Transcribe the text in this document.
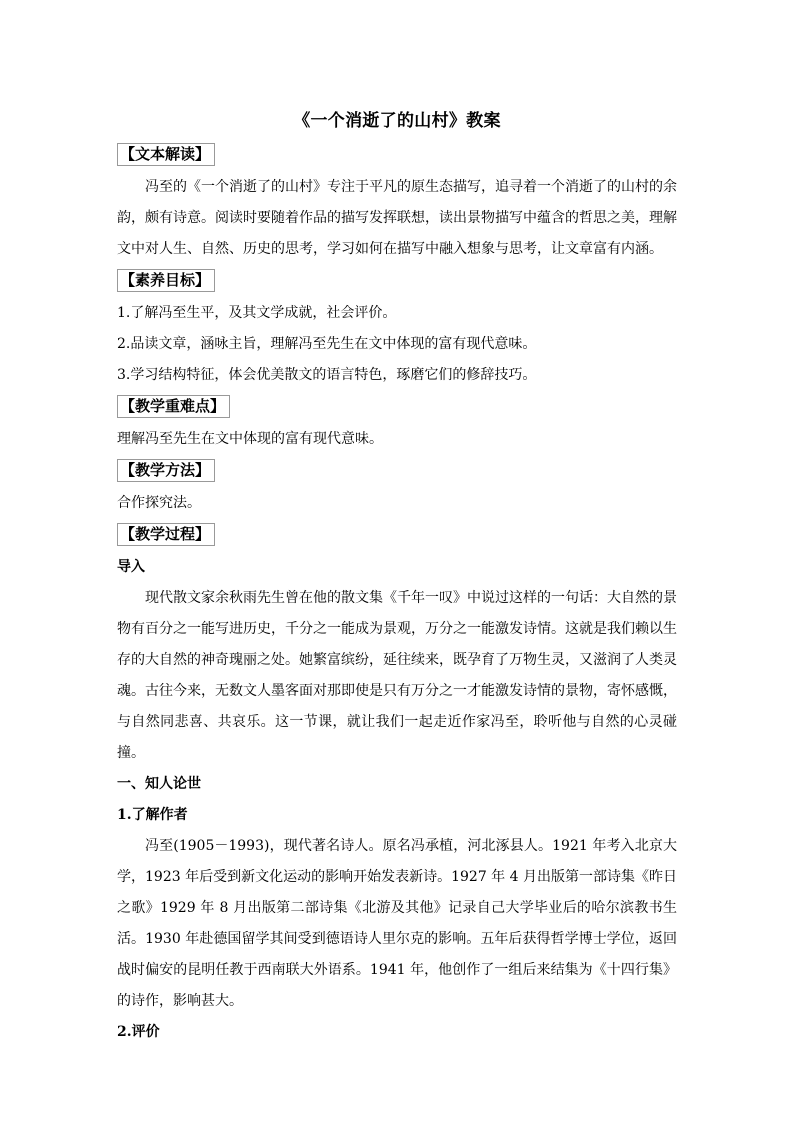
《一个消逝了的山村》教案

【文本解读】

冯至的《一个消逝了的山村》专注于平凡的原生态描写，追寻着一个消逝了的山村的余韵，颇有诗意。阅读时要随着作品的描写发挥联想，读出景物描写中蕴含的哲思之美，理解文中对人生、自然、历史的思考，学习如何在描写中融入想象与思考，让文章富有内涵。

【素养目标】

1.了解冯至生平，及其文学成就，社会评价。

2.品读文章，涵咏主旨，理解冯至先生在文中体现的富有现代意味。

3.学习结构特征，体会优美散文的语言特色，琢磨它们的修辞技巧。

【教学重难点】

理解冯至先生在文中体现的富有现代意味。

【教学方法】

合作探究法。

【教学过程】

导入

现代散文家余秋雨先生曾在他的散文集《千年一叹》中说过这样的一句话：大自然的景物有百分之一能写进历史，千分之一能成为景观，万分之一能激发诗情。这就是我们赖以生存的大自然的神奇瑰丽之处。她繁富缤纷，延往续来，既孕育了万物生灵，又滋润了人类灵魂。古往今来，无数文人墨客面对那即使是只有万分之一才能激发诗情的景物，寄怀感慨，与自然同悲喜、共哀乐。这一节课，就让我们一起走近作家冯至，聆听他与自然的心灵碰撞。

一、知人论世

1.了解作者

冯至(1905－1993)，现代著名诗人。原名冯承植，河北涿县人。1921 年考入北京大学，1923 年后受到新文化运动的影响开始发表新诗。1927 年 4 月出版第一部诗集《昨日之歌》1929 年 8 月出版第二部诗集《北游及其他》记录自己大学毕业后的哈尔滨教书生活。1930 年赴德国留学其间受到德语诗人里尔克的影响。五年后获得哲学博士学位，返回战时偏安的昆明任教于西南联大外语系。1941 年，他创作了一组后来结集为《十四行集》的诗作，影响甚大。

2.评价
